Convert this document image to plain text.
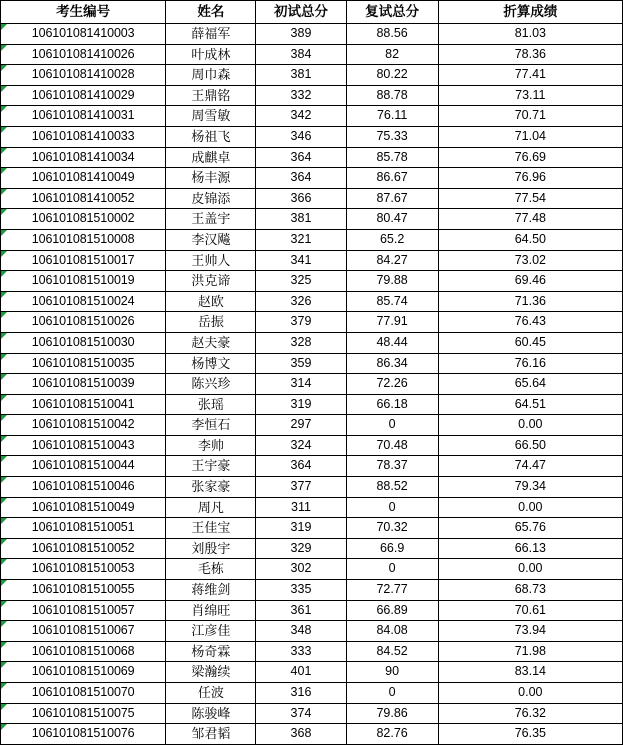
考生编号	姓名	初试总分	复试总分	折算成绩

106101081410003	薛福军	389	88.56	81.03

106101081410026	叶成林	384	82	78.36

106101081410028	周巾森	381	80.22	77.41

106101081410029	王鼎铭	332	88.78	73.11

106101081410031	周雪敏	342	76.11	70.71

106101081410033	杨祖飞	346	75.33	71.04

106101081410034	成麒卓	364	85.78	76.69

106101081410049	杨丰源	364	86.67	76.96

106101081410052	皮锦添	366	87.67	77.54

106101081510002	王盖宇	381	80.47	77.48

106101081510008	李汉飚	321	65.2	64.50

106101081510017	王帅人	341	84.27	73.02

106101081510019	洪克谛	325	79.88	69.46

106101081510024	赵欧	326	85.74	71.36

106101081510026	岳振	379	77.91	76.43

106101081510030	赵夫豪	328	48.44	60.45

106101081510035	杨博文	359	86.34	76.16

106101081510039	陈兴珍	314	72.26	65.64

106101081510041	张瑶	319	66.18	64.51

106101081510042	李恒石	297	0	0.00

106101081510043	李帅	324	70.48	66.50

106101081510044	王宇豪	364	78.37	74.47

106101081510046	张家豪	377	88.52	79.34

106101081510049	周凡	311	0	0.00

106101081510051	王佳宝	319	70.32	65.76

106101081510052	刘殷宇	329	66.9	66.13

106101081510053	毛栋	302	0	0.00

106101081510055	蒋维剑	335	72.77	68.73

106101081510057	肖绵旺	361	66.89	70.61

106101081510067	江彦佳	348	84.08	73.94

106101081510068	杨奇霖	333	84.52	71.98

106101081510069	梁瀚续	401	90	83.14

106101081510070	任波	316	0	0.00

106101081510075	陈骏峰	374	79.86	76.32

106101081510076	邹君韬	368	82.76	76.35
